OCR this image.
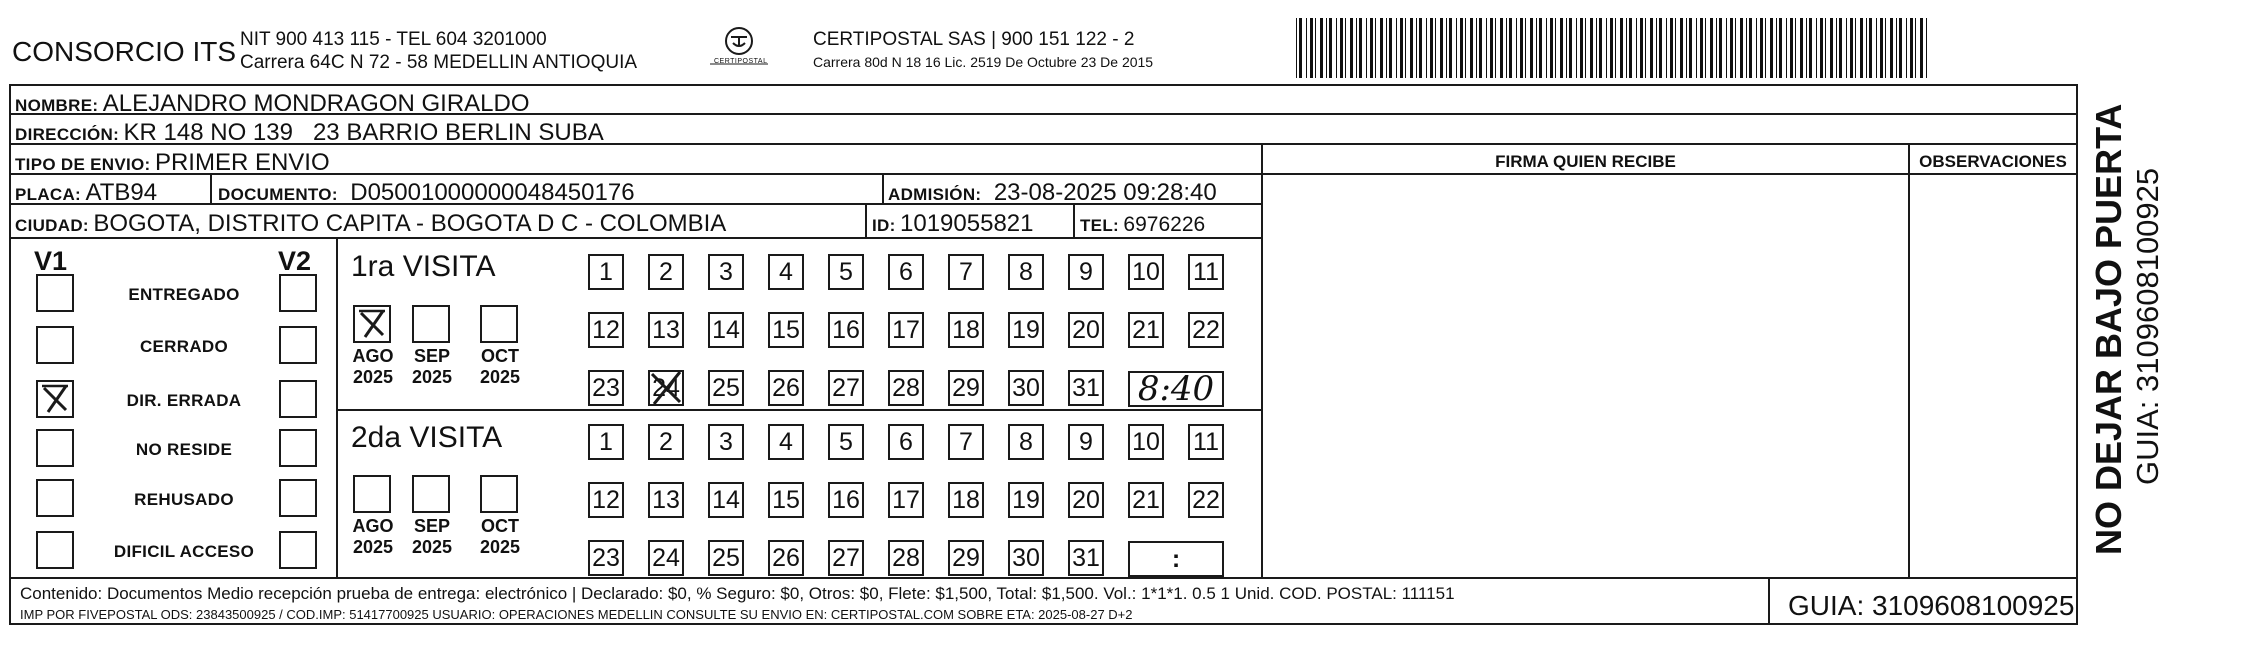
CONSORCIO ITS NIT 900 413 115 - TEL 604 3201000
Carrera 64C N 72 - 58 MEDELLIN ANTIOQUIA	CERTIPOSTAL
CERTIPOSTAL SAS | 900 151 122 - 2
Carrera 80d N 18 16 Lic. 2519 De Octubre 23 De 2015
NOMBRE: ALEJANDRO MONDRAGON GIRALDO
DIRECCIÓN: KR 148 NO 139   23 BARRIO BERLIN SUBA
TIPO DE ENVIO: PRIMER ENVIO
PLACA: ATB94	DOCUMENTO: D05001000000048450176	ADMISIÓN: 23-08-2025 09:28:40
CIUDAD: BOGOTA, DISTRITO CAPITA - BOGOTA D C - COLOMBIA	ID: 1019055821	TEL: 6976226
FIRMA QUIEN RECIBE	OBSERVACIONES
V1	V2 1ra VISITA
2da VISITA
Contenido: Documentos Medio recepción prueba de entrega: electrónico | Declarado: $0, % Seguro: $0, Otros: $0, Flete: $1,500, Total: $1,500. Vol.: 1*1*1. 0.5 1 Unid. COD. POSTAL: 111151
IMP POR FIVEPOSTAL ODS: 23843500925 / COD.IMP: 51417700925 USUARIO: OPERACIONES MEDELLIN CONSULTE SU ENVIO EN: CERTIPOSTAL.COM SOBRE ETA: 2025-08-27 D+2	GUIA: 3109608100925
NO DEJAR BAJO PUERTA GUIA: 3109608100925
ENTREGADO
CERRADO
DIR. ERRADA
NO RESIDE
REHUSADO
DIFICIL ACCESO
AGO
2025
SEP
2025
OCT
2025
AGO
2025
SEP
2025
OCT
2025
1	2	3	4	5	6	7	8	9	10 11
12 13 14 15 16 17 18 19 20 21 22
23 24 25 26 27 28 29 30 31 8:40
1	2	3	4	5	6	7	8	9	10 11
12 13 14 15 16 17 18 19 20 21 22
23 24 25 26 27 28 29 30 31	:
